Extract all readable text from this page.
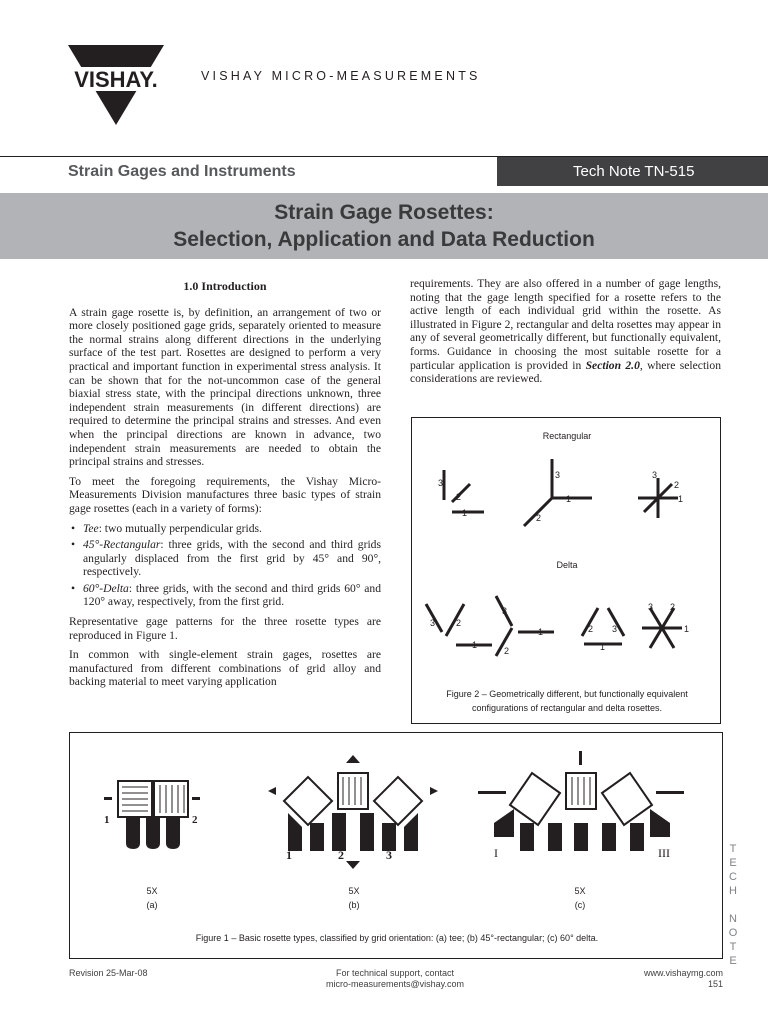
VISHAY.	VISHAY MICRO-MEASUREMENTS
Strain Gages and Instruments	Tech Note TN-515
Strain Gage Rosettes:
Selection, Application and Data Reduction
1.0 Introduction

A strain gage rosette is, by definition, an arrangement of two or more closely positioned gage grids, separately oriented to measure the normal strains along different directions in the underlying surface of the test part. Rosettes are designed to perform a very practical and important function in experimental stress analysis. It can be shown that for the not-uncommon case of the general biaxial stress state, with the principal directions unknown, three independent strain measurements (in different directions) are required to determine the principal strains and stresses. And even when the principal directions are known in advance, two independent strain measurements are needed to obtain the principal strains and stresses.

To meet the foregoing requirements, the Vishay Micro-Measurements Division manufactures three basic types of strain gage rosettes (each in a variety of forms):

• Tee: two mutually perpendicular grids.
• 45°-Rectangular: three grids, with the second and third grids angularly displaced from the first grid by 45° and 90°, respectively.
• 60°-Delta: three grids, with the second and third grids 60° and 120° away, respectively, from the first grid.

Representative gage patterns for the three rosette types are reproduced in Figure 1.

In common with single-element strain gages, rosettes are manufactured from different combinations of grid alloy and backing material to meet varying application

requirements. They are also offered in a number of gage lengths, noting that the gage length specified for a rosette refers to the active length of each individual grid within the rosette. As illustrated in Figure 2, rectangular and delta rosettes may appear in any of several geometrically different, but functionally equivalent, forms. Guidance in choosing the most suitable rosette for a particular application is provided in Section 2.0, where selection considerations are reviewed.

Rectangular
3
2
1
3
2
1
3
2
1
3 2
1
3
2
1	2 3
1
3 2
1
Delta
Figure 2 – Geometrically different, but functionally equivalent configurations of rectangular and delta rosettes.
1	2	3	I	III
1	2
5X
(a)
5X
(b)
5X
(c)
Figure 1 – Basic rosette types, classified by grid orientation: (a) tee; (b) 45°-rectangular; (c) 60° delta.
T
E
C
H

N
O
T
E
Revision 25-Mar-08	For technical support, contact
micro-measurements@vishay.com
www.vishaymg.com
151
